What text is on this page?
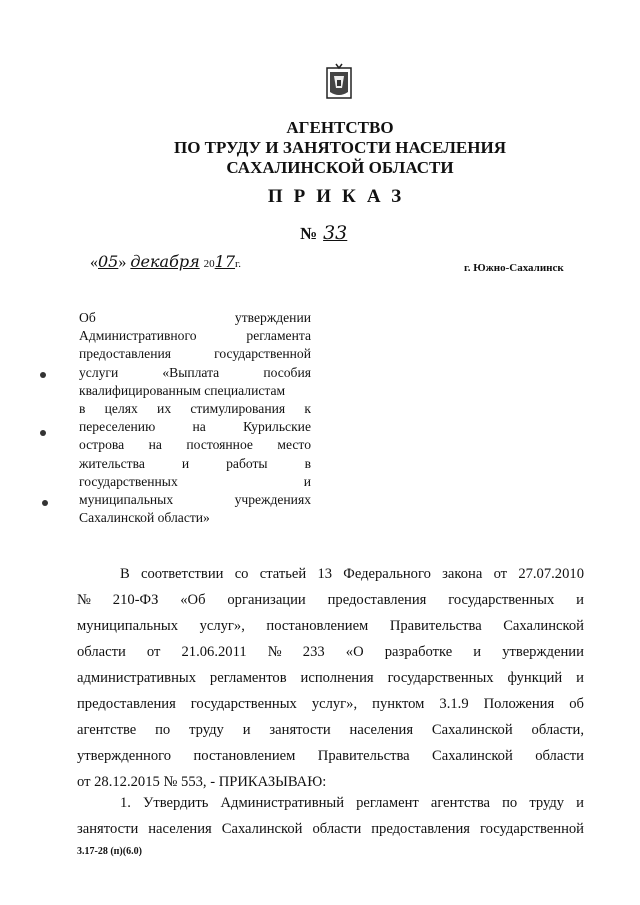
АГЕНТСТВО
ПО ТРУДУ И ЗАНЯТОСТИ НАСЕЛЕНИЯ
САХАЛИНСКОЙ ОБЛАСТИ
ПРИКАЗ
№ 33
«05» декабря 2017г.	г. Южно-Сахалинск
Об	утверждении
Административного	регламента
предоставления	государственной
услуги	«Выплата	пособия
квалифицированным специалистам
в целях их стимулирования к
переселению	на	Курильские
острова на постоянное место
жительства	и	работы	в
государственных	и
муниципальных	учреждениях
Сахалинской области»
В соответствии со статьей 13 Федерального закона от 27.07.2010
№ 210-ФЗ «Об организации предоставления государственных и
муниципальных услуг», постановлением Правительства Сахалинской
области от 21.06.2011 № 233 «О разработке и утверждении
административных регламентов исполнения государственных функций и
предоставления государственных услуг», пунктом 3.1.9 Положения об
агентстве по труду и занятости населения Сахалинской области,
утвержденного постановлением Правительства Сахалинской области
от 28.12.2015 № 553, - ПРИКАЗЫВАЮ:
1. Утвердить Административный регламент агентства по труду и
занятости населения Сахалинской области предоставления государственной
3.17-28 (п)(6.0)
